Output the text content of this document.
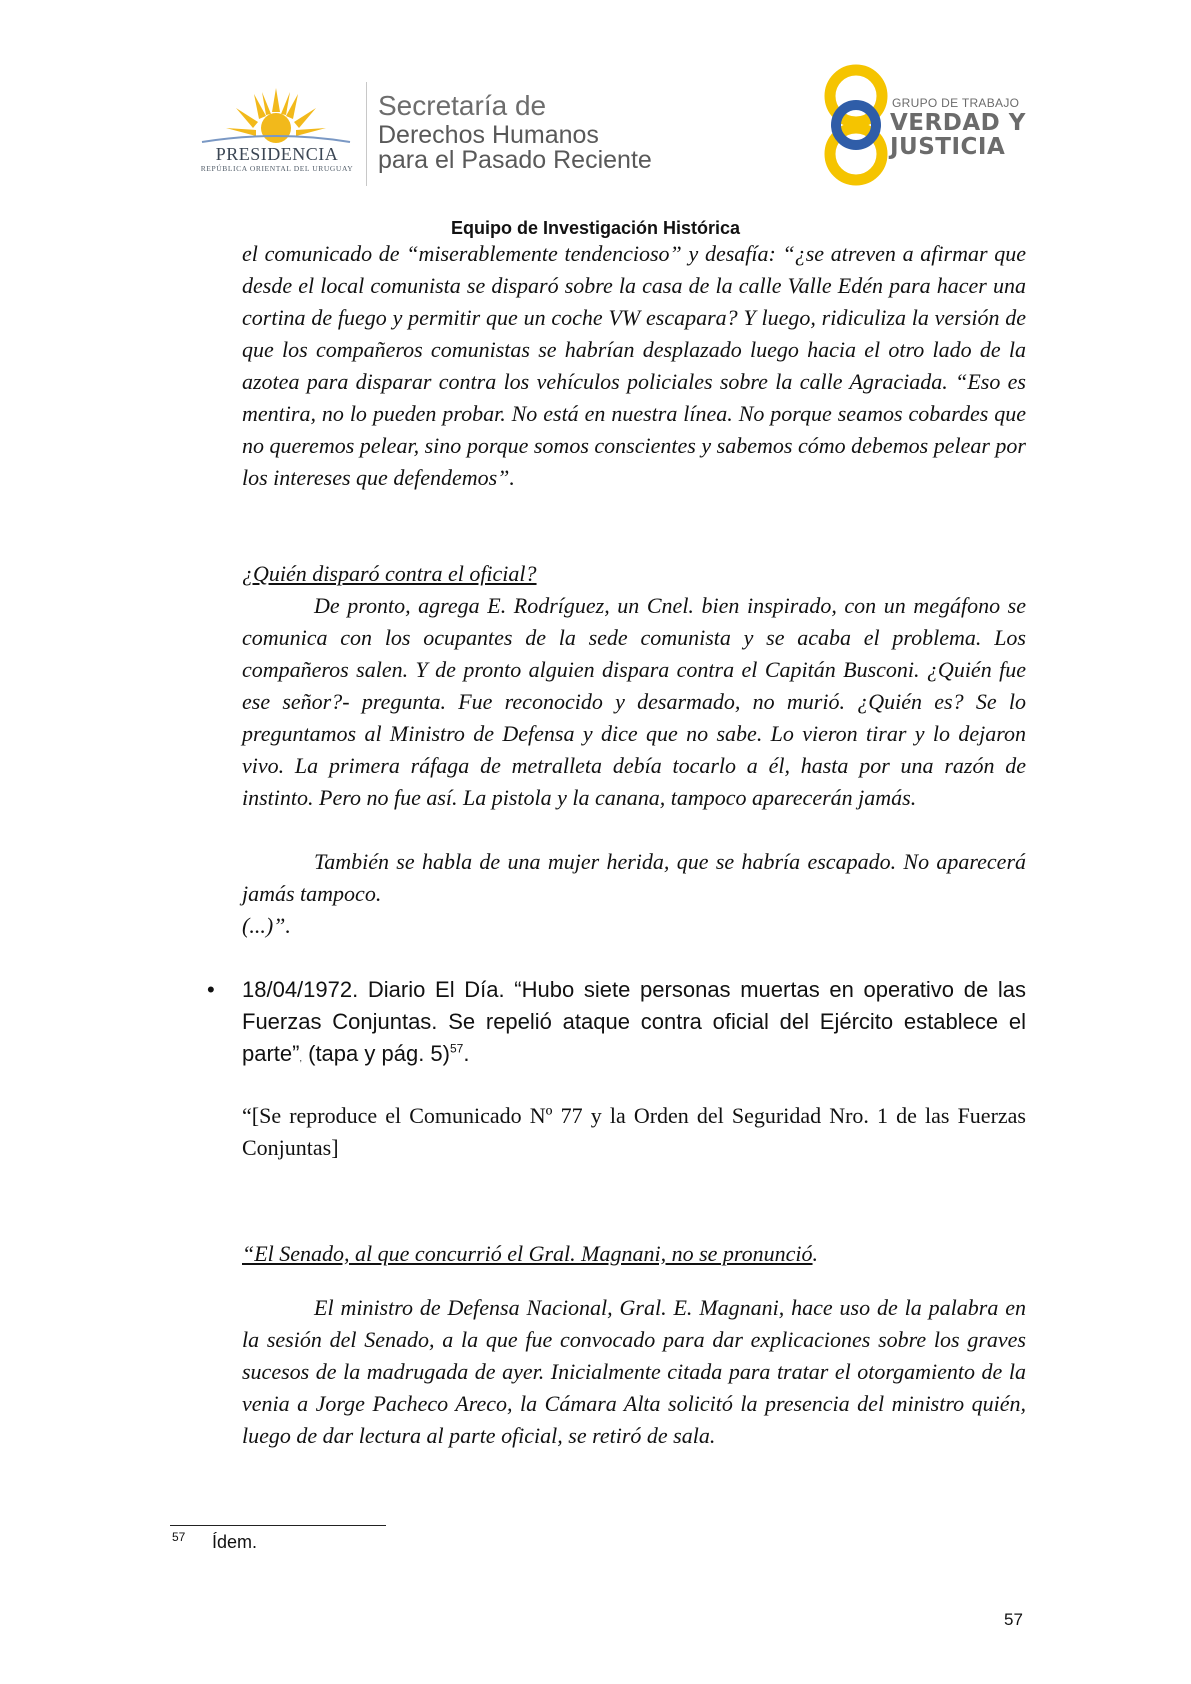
PRESIDENCIA
REPÚBLICA ORIENTAL DEL URUGUAY
Secretaría de
Derechos Humanos
para el Pasado Reciente
GRUPO DE TRABAJO
VERDAD Y
JUSTICIA
Equipo de Investigación Histórica
el comunicado de “miserablemente tendencioso” y desafía: “¿se atreven a afirmar que desde el local comunista se disparó sobre la casa de la calle Valle Edén para hacer una cortina de fuego y permitir que un coche VW escapara? Y luego, ridiculiza la versión de que los compañeros comunistas se habrían desplazado luego hacia el otro lado de la azotea para disparar contra los vehículos policiales sobre la calle Agraciada. “Eso es mentira, no lo pueden probar. No está en nuestra línea. No porque seamos cobardes que no queremos pelear, sino porque somos conscientes y sabemos cómo debemos pelear por los intereses que defendemos”.
¿Quién disparó contra el oficial?
De pronto, agrega E. Rodríguez, un Cnel. bien inspirado, con un megáfono se comunica con los ocupantes de la sede comunista y se acaba el problema. Los compañeros salen. Y de pronto alguien dispara contra el Capitán Busconi. ¿Quién fue ese señor?- pregunta. Fue reconocido y desarmado, no murió. ¿Quién es? Se lo preguntamos al Ministro de Defensa y dice que no sabe. Lo vieron tirar y lo dejaron vivo. La primera ráfaga de metralleta debía tocarlo a él, hasta por una razón de instinto. Pero no fue así. La pistola y la canana, tampoco aparecerán jamás.
También se habla de una mujer herida, que se habría escapado. No aparecerá jamás tampoco.
(...)”.
• 18/04/1972. Diario El Día. “Hubo siete personas muertas en operativo de las Fuerzas Conjuntas. Se repelió ataque contra oficial del Ejército establece el parte”, (tapa y pág. 5)$^{57}$.
“[Se reproduce el Comunicado Nº 77 y la Orden del Seguridad Nro. 1 de las Fuerzas Conjuntas]
“El Senado, al que concurrió el Gral. Magnani, no se pronunció.
El ministro de Defensa Nacional, Gral. E. Magnani, hace uso de la palabra en la sesión del Senado, a la que fue convocado para dar explicaciones sobre los graves sucesos de la madrugada de ayer. Inicialmente citada para tratar el otorgamiento de la venia a Jorge Pacheco Areco, la Cámara Alta solicitó la presencia del ministro quién, luego de dar lectura al parte oficial, se retiró de sala.
57 Ídem.
57
